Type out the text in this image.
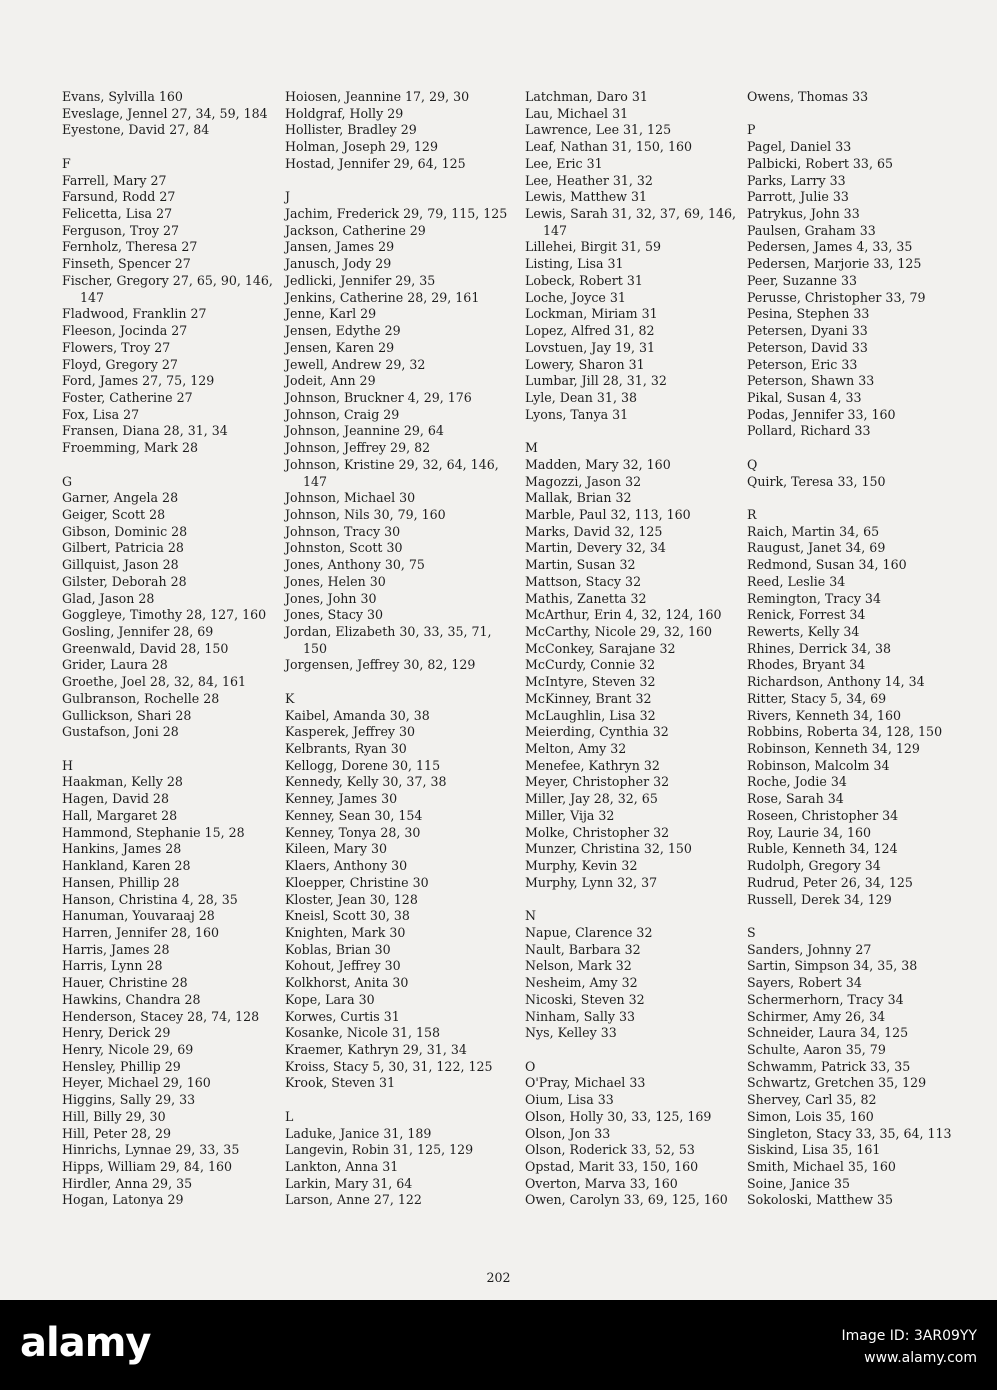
Evans, Sylvilla 160
Eveslage, Jennel 27, 34, 59, 184
Eyestone, David 27, 84
F
Farrell, Mary 27
Farsund, Rodd 27
Felicetta, Lisa 27
Ferguson, Troy 27
Fernholz, Theresa 27
Finseth, Spencer 27
Fischer, Gregory 27, 65, 90, 146,
147
Fladwood, Franklin 27
Fleeson, Jocinda 27
Flowers, Troy 27
Floyd, Gregory 27
Ford, James 27, 75, 129
Foster, Catherine 27
Fox, Lisa 27
Fransen, Diana 28, 31, 34
Froemming, Mark 28
G
Garner, Angela 28
Geiger, Scott 28
Gibson, Dominic 28
Gilbert, Patricia 28
Gillquist, Jason 28
Gilster, Deborah 28
Glad, Jason 28
Goggleye, Timothy 28, 127, 160
Gosling, Jennifer 28, 69
Greenwald, David 28, 150
Grider, Laura 28
Groethe, Joel 28, 32, 84, 161
Gulbranson, Rochelle 28
Gullickson, Shari 28
Gustafson, Joni 28
H
Haakman, Kelly 28
Hagen, David 28
Hall, Margaret 28
Hammond, Stephanie 15, 28
Hankins, James 28
Hankland, Karen 28
Hansen, Phillip 28
Hanson, Christina 4, 28, 35
Hanuman, Youvaraaj 28
Harren, Jennifer 28, 160
Harris, James 28
Harris, Lynn 28
Hauer, Christine 28
Hawkins, Chandra 28
Henderson, Stacey 28, 74, 128
Henry, Derick 29
Henry, Nicole 29, 69
Hensley, Phillip 29
Heyer, Michael 29, 160
Higgins, Sally 29, 33
Hill, Billy 29, 30
Hill, Peter 28, 29
Hinrichs, Lynnae 29, 33, 35
Hipps, William 29, 84, 160
Hirdler, Anna 29, 35
Hogan, Latonya 29
Hoiosen, Jeannine 17, 29, 30
Holdgraf, Holly 29
Hollister, Bradley 29
Holman, Joseph 29, 129
Hostad, Jennifer 29, 64, 125
J
Jachim, Frederick 29, 79, 115, 125
Jackson, Catherine 29
Jansen, James 29
Janusch, Jody 29
Jedlicki, Jennifer 29, 35
Jenkins, Catherine 28, 29, 161
Jenne, Karl 29
Jensen, Edythe 29
Jensen, Karen 29
Jewell, Andrew 29, 32
Jodeit, Ann 29
Johnson, Bruckner 4, 29, 176
Johnson, Craig 29
Johnson, Jeannine 29, 64
Johnson, Jeffrey 29, 82
Johnson, Kristine 29, 32, 64, 146,
147
Johnson, Michael 30
Johnson, Nils 30, 79, 160
Johnson, Tracy 30
Johnston, Scott 30
Jones, Anthony 30, 75
Jones, Helen 30
Jones, John 30
Jones, Stacy 30
Jordan, Elizabeth 30, 33, 35, 71,
150
Jorgensen, Jeffrey 30, 82, 129
K
Kaibel, Amanda 30, 38
Kasperek, Jeffrey 30
Kelbrants, Ryan 30
Kellogg, Dorene 30, 115
Kennedy, Kelly 30, 37, 38
Kenney, James 30
Kenney, Sean 30, 154
Kenney, Tonya 28, 30
Kileen, Mary 30
Klaers, Anthony 30
Kloepper, Christine 30
Kloster, Jean 30, 128
Kneisl, Scott 30, 38
Knighten, Mark 30
Koblas, Brian 30
Kohout, Jeffrey 30
Kolkhorst, Anita 30
Kope, Lara 30
Korwes, Curtis 31
Kosanke, Nicole 31, 158
Kraemer, Kathryn 29, 31, 34
Kroiss, Stacy 5, 30, 31, 122, 125
Krook, Steven 31
L
Laduke, Janice 31, 189
Langevin, Robin 31, 125, 129
Lankton, Anna 31
Larkin, Mary 31, 64
Larson, Anne 27, 122
Latchman, Daro 31
Lau, Michael 31
Lawrence, Lee 31, 125
Leaf, Nathan 31, 150, 160
Lee, Eric 31
Lee, Heather 31, 32
Lewis, Matthew 31
Lewis, Sarah 31, 32, 37, 69, 146,
147
Lillehei, Birgit 31, 59
Listing, Lisa 31
Lobeck, Robert 31
Loche, Joyce 31
Lockman, Miriam 31
Lopez, Alfred 31, 82
Lovstuen, Jay 19, 31
Lowery, Sharon 31
Lumbar, Jill 28, 31, 32
Lyle, Dean 31, 38
Lyons, Tanya 31
M
Madden, Mary 32, 160
Magozzi, Jason 32
Mallak, Brian 32
Marble, Paul 32, 113, 160
Marks, David 32, 125
Martin, Devery 32, 34
Martin, Susan 32
Mattson, Stacy 32
Mathis, Zanetta 32
McArthur, Erin 4, 32, 124, 160
McCarthy, Nicole 29, 32, 160
McConkey, Sarajane 32
McCurdy, Connie 32
McIntyre, Steven 32
McKinney, Brant 32
McLaughlin, Lisa 32
Meierding, Cynthia 32
Melton, Amy 32
Menefee, Kathryn 32
Meyer, Christopher 32
Miller, Jay 28, 32, 65
Miller, Vija 32
Molke, Christopher 32
Munzer, Christina 32, 150
Murphy, Kevin 32
Murphy, Lynn 32, 37
N
Napue, Clarence 32
Nault, Barbara 32
Nelson, Mark 32
Nesheim, Amy 32
Nicoski, Steven 32
Ninham, Sally 33
Nys, Kelley 33
O
O'Pray, Michael 33
Oium, Lisa 33
Olson, Holly 30, 33, 125, 169
Olson, Jon 33
Olson, Roderick 33, 52, 53
Opstad, Marit 33, 150, 160
Overton, Marva 33, 160
Owen, Carolyn 33, 69, 125, 160
Owens, Thomas 33
P
Pagel, Daniel 33
Palbicki, Robert 33, 65
Parks, Larry 33
Parrott, Julie 33
Patrykus, John 33
Paulsen, Graham 33
Pedersen, James 4, 33, 35
Pedersen, Marjorie 33, 125
Peer, Suzanne 33
Perusse, Christopher 33, 79
Pesina, Stephen 33
Petersen, Dyani 33
Peterson, David 33
Peterson, Eric 33
Peterson, Shawn 33
Pikal, Susan 4, 33
Podas, Jennifer 33, 160
Pollard, Richard 33
Q
Quirk, Teresa 33, 150
R
Raich, Martin 34, 65
Raugust, Janet 34, 69
Redmond, Susan 34, 160
Reed, Leslie 34
Remington, Tracy 34
Renick, Forrest 34
Rewerts, Kelly 34
Rhines, Derrick 34, 38
Rhodes, Bryant 34
Richardson, Anthony 14, 34
Ritter, Stacy 5, 34, 69
Rivers, Kenneth 34, 160
Robbins, Roberta 34, 128, 150
Robinson, Kenneth 34, 129
Robinson, Malcolm 34
Roche, Jodie 34
Rose, Sarah 34
Roseen, Christopher 34
Roy, Laurie 34, 160
Ruble, Kenneth 34, 124
Rudolph, Gregory 34
Rudrud, Peter 26, 34, 125
Russell, Derek 34, 129
S
Sanders, Johnny 27
Sartin, Simpson 34, 35, 38
Sayers, Robert 34
Schermerhorn, Tracy 34
Schirmer, Amy 26, 34
Schneider, Laura 34, 125
Schulte, Aaron 35, 79
Schwamm, Patrick 33, 35
Schwartz, Gretchen 35, 129
Shervey, Carl 35, 82
Simon, Lois 35, 160
Singleton, Stacy 33, 35, 64, 113
Siskind, Lisa 35, 161
Smith, Michael 35, 160
Soine, Janice 35
Sokoloski, Matthew 35
202
alamy	Image ID: 3AR09YY
www.alamy.com
